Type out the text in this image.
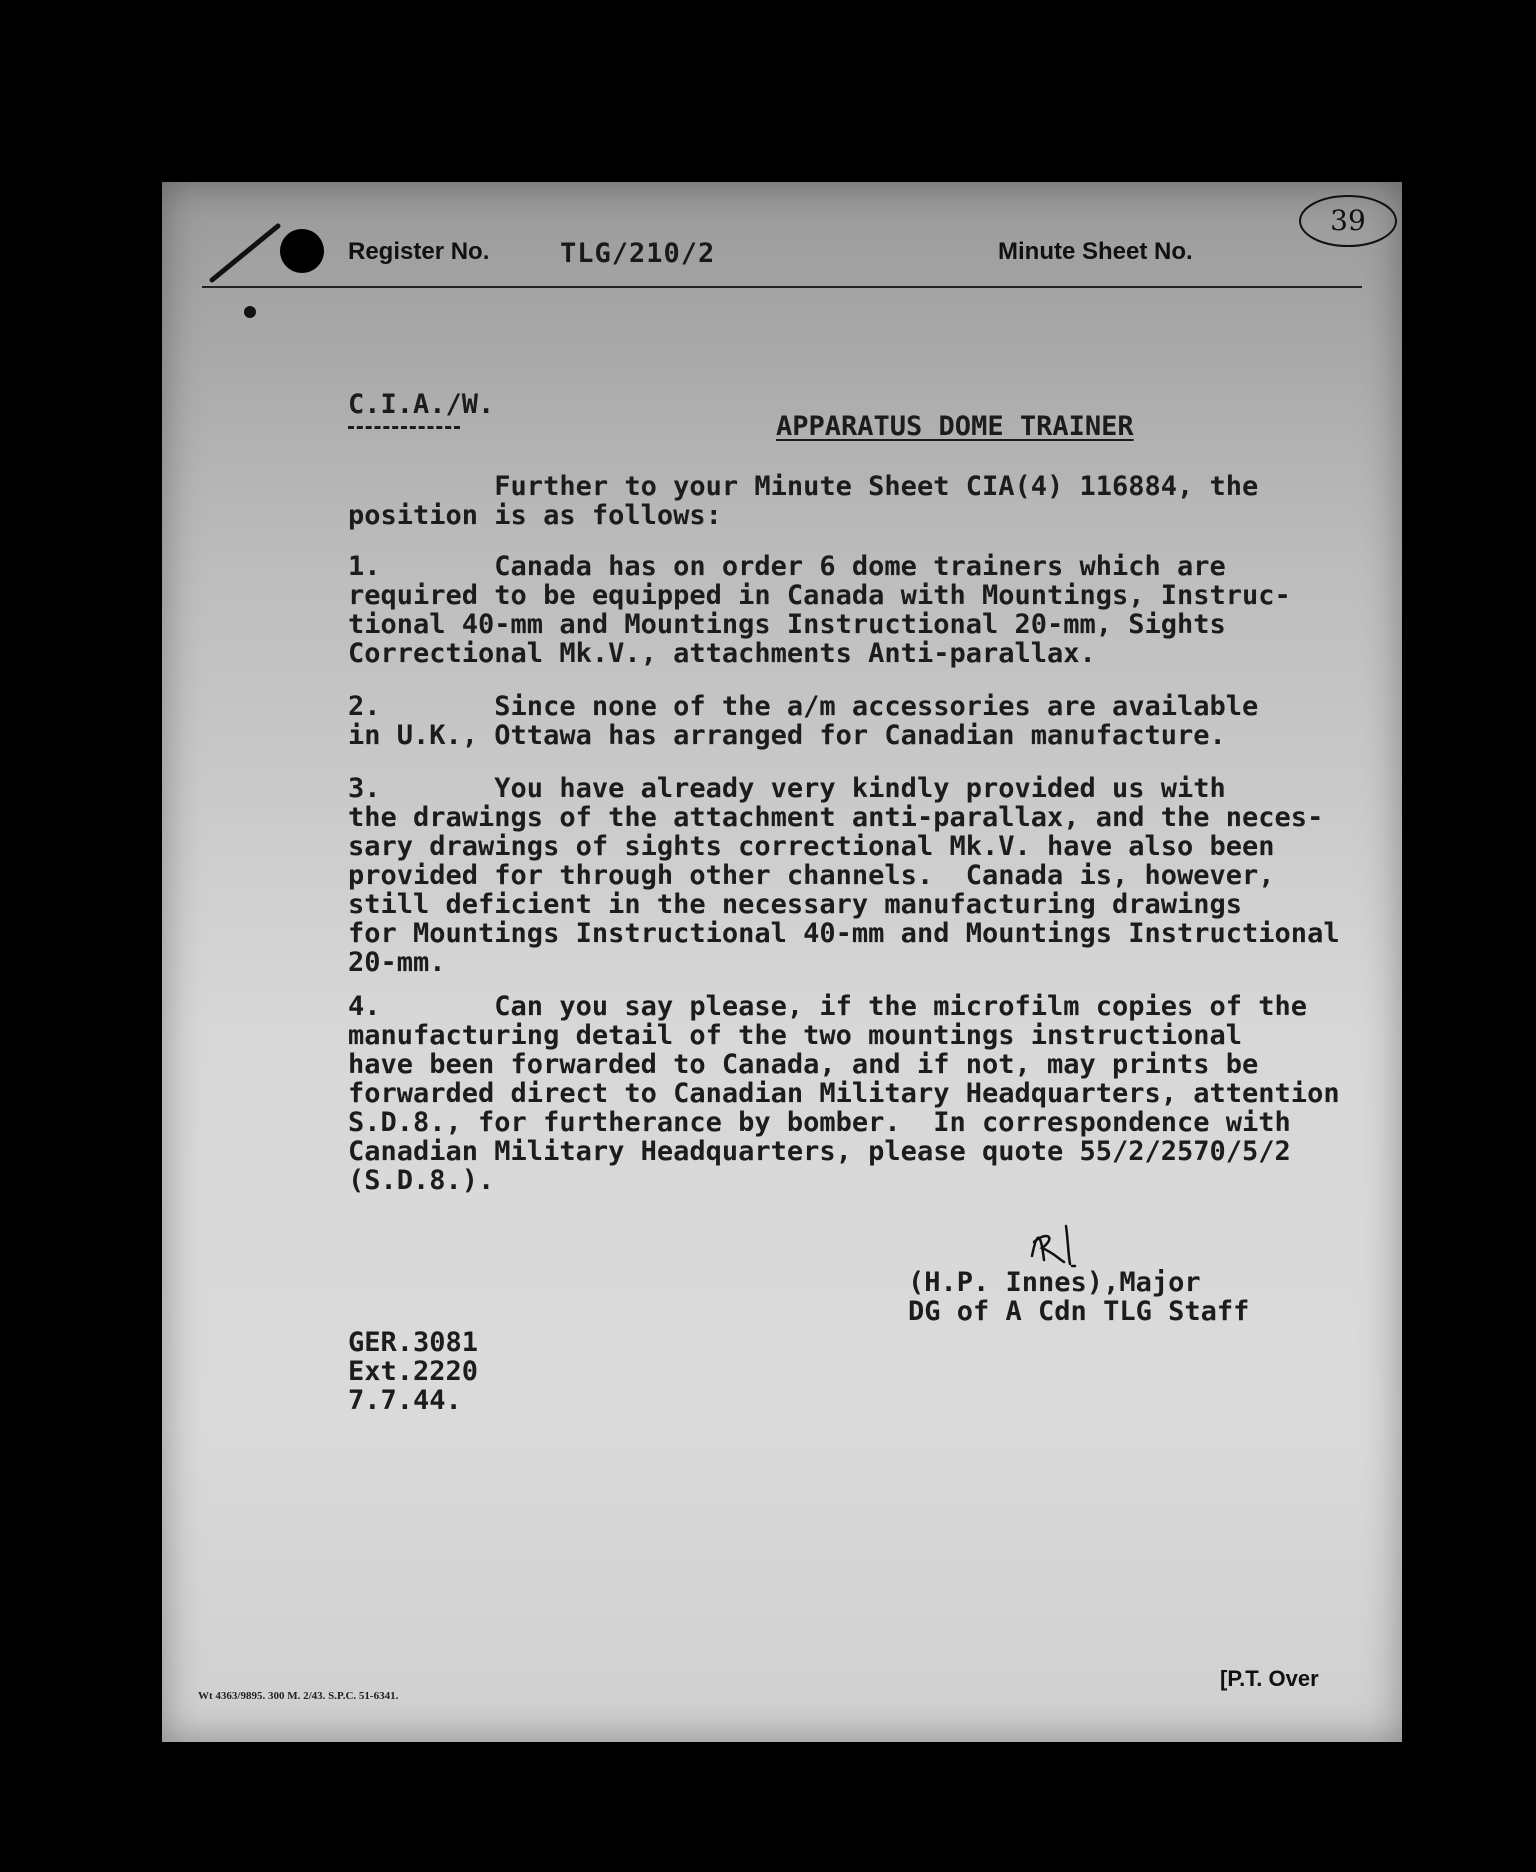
Register No.	TLG/210/2	Minute Sheet No.
39
C.I.A./W.
APPARATUS DOME TRAINER
Further to your Minute Sheet CIA(4) 116884, the
position is as follows:
1.       Canada has on order 6 dome trainers which are
required to be equipped in Canada with Mountings, Instruc-
tional 40-mm and Mountings Instructional 20-mm, Sights
Correctional Mk.V., attachments Anti-parallax.
2.       Since none of the a/m accessories are available
in U.K., Ottawa has arranged for Canadian manufacture.
3.       You have already very kindly provided us with
the drawings of the attachment anti-parallax, and the neces-
sary drawings of sights correctional Mk.V. have also been
provided for through other channels.  Canada is, however,
still deficient in the necessary manufacturing drawings
for Mountings Instructional 40-mm and Mountings Instructional
20-mm.
4.       Can you say please, if the microfilm copies of the
manufacturing detail of the two mountings instructional
have been forwarded to Canada, and if not, may prints be
forwarded direct to Canadian Military Headquarters, attention
S.D.8., for furtherance by bomber.  In correspondence with
Canadian Military Headquarters, please quote 55/2/2570/5/2
(S.D.8.).
(H.P. Innes),Major
DG of A Cdn TLG Staff
GER.3081
Ext.2220
7.7.44.
Wt 4363/9895. 300 M. 2/43. S.P.C. 51-6341.
[P.T. Over
